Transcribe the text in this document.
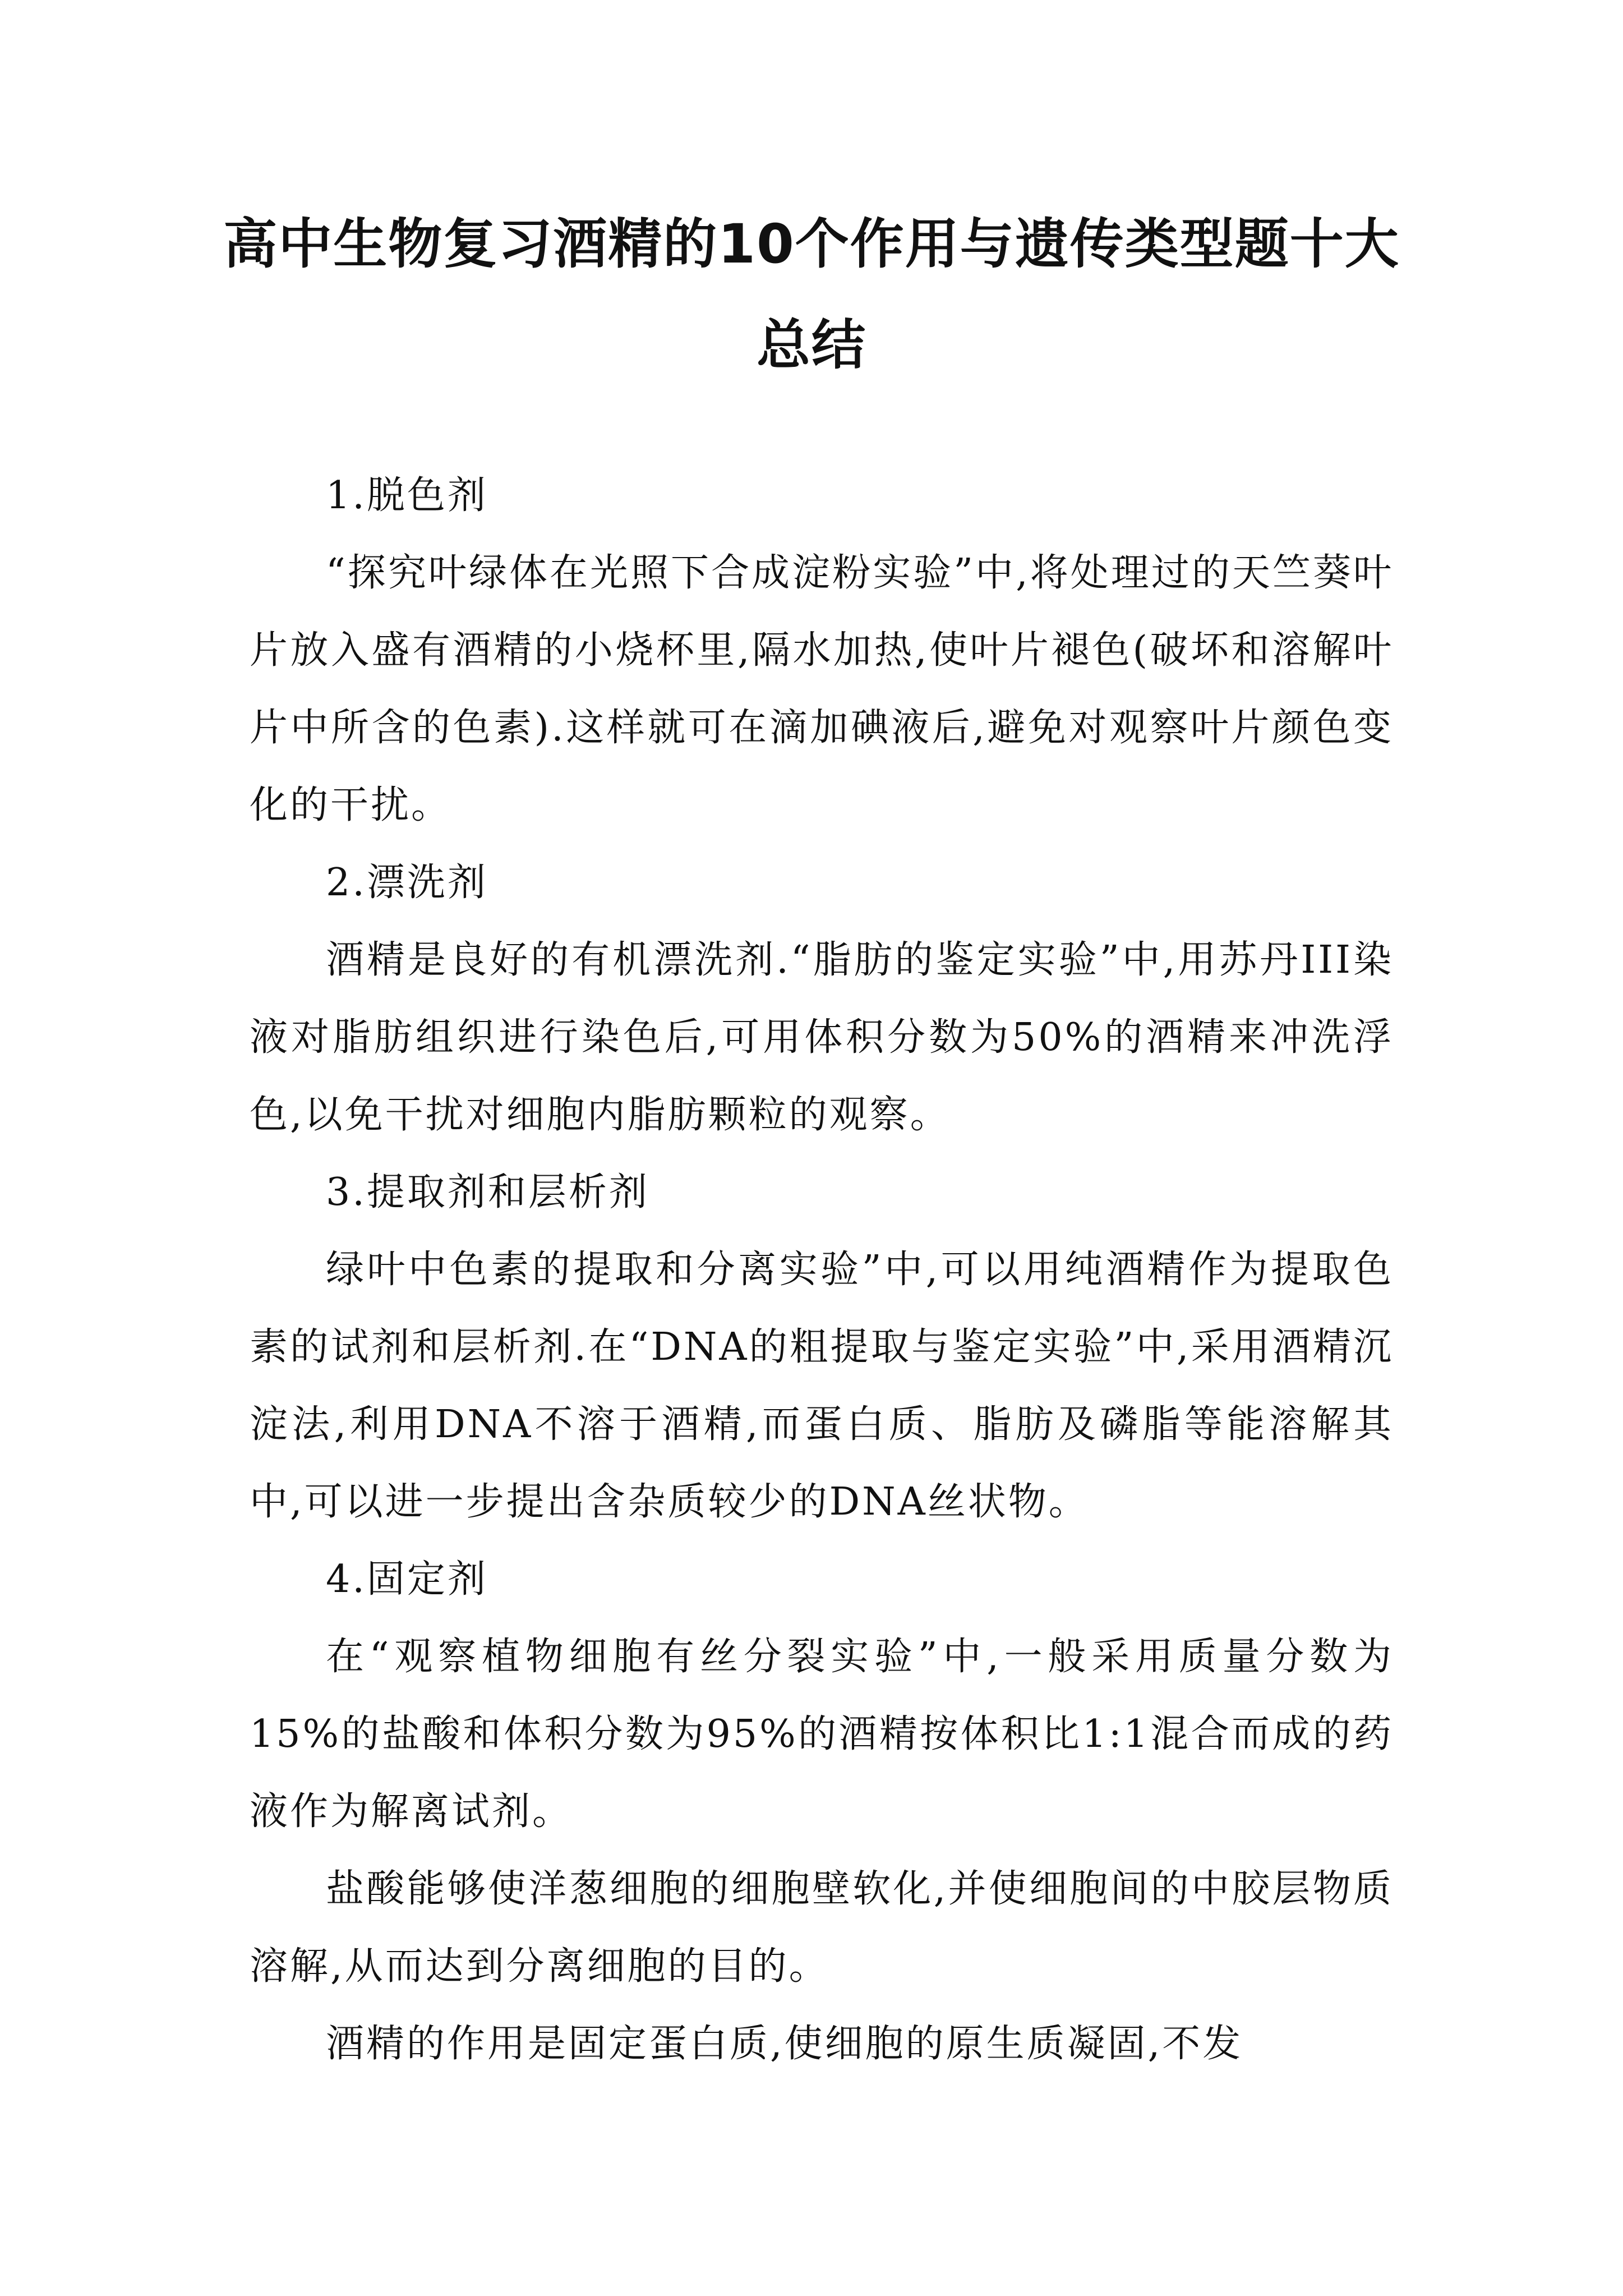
高中生物复习酒精的10个作用与遗传类型题十大总结

1.脱色剂

“探究叶绿体在光照下合成淀粉实验”中,将处理过的天竺葵叶片放入盛有酒精的小烧杯里,隔水加热,使叶片褪色(破坏和溶解叶片中所含的色素).这样就可在滴加碘液后,避免对观察叶片颜色变化的干扰。

2.漂洗剂

酒精是良好的有机漂洗剂.“脂肪的鉴定实验”中,用苏丹III染液对脂肪组织进行染色后,可用体积分数为50%的酒精来冲洗浮色,以免干扰对细胞内脂肪颗粒的观察。

3.提取剂和层析剂

绿叶中色素的提取和分离实验”中,可以用纯酒精作为提取色素的试剂和层析剂.在“DNA的粗提取与鉴定实验”中,采用酒精沉淀法,利用DNA不溶于酒精,而蛋白质、脂肪及磷脂等能溶解其中,可以进一步提出含杂质较少的DNA丝状物。

4.固定剂

在“观察植物细胞有丝分裂实验”中,一般采用质量分数为15%的盐酸和体积分数为95%的酒精按体积比1:1混合而成的药液作为解离试剂。

盐酸能够使洋葱细胞的细胞壁软化,并使细胞间的中胶层物质溶解,从而达到分离细胞的目的。

酒精的作用是固定蛋白质,使细胞的原生质凝固,不发
